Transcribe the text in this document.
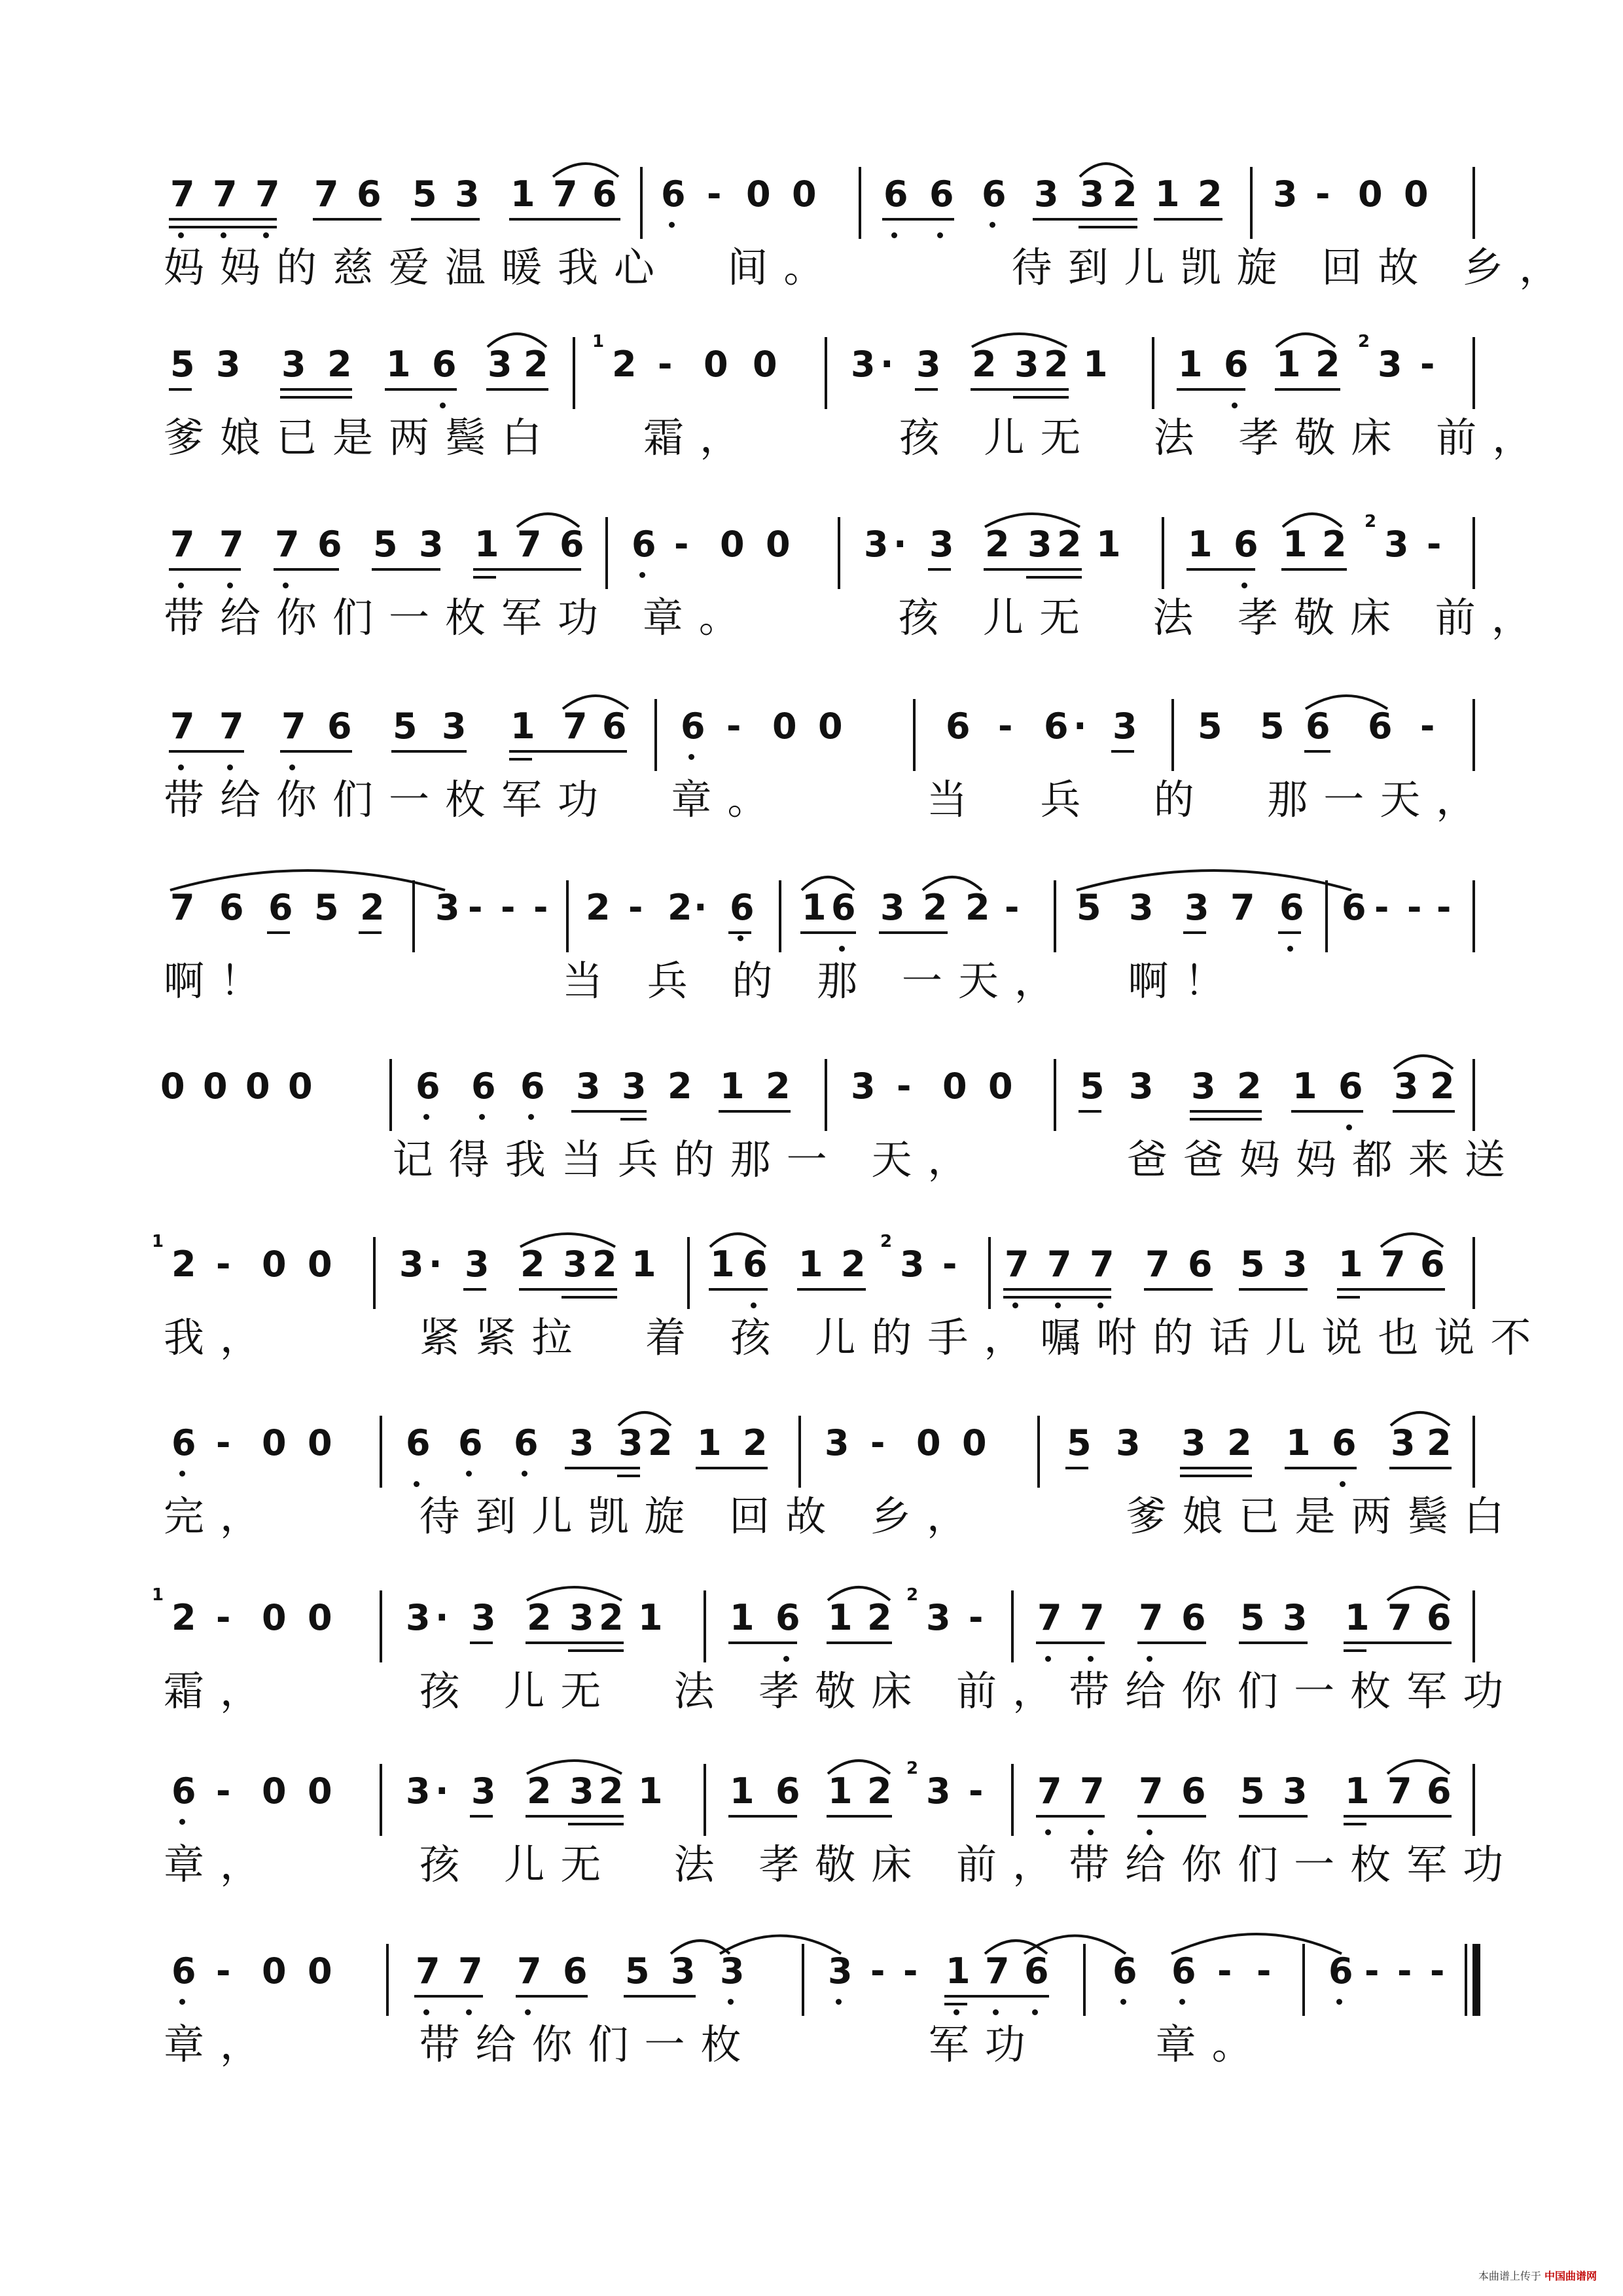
7 7 7 7 6 5 3 1 7 6 6 - 0 0 6 6 6 3 3 2 1 2 3 - 0 0
妈妈的慈爱温暖我心  间。      待到儿凯旋 回故 乡，
5 3 3 2 1 6 3 2
1
2 - 0 0 3 · 3 2 3 2 1 1 6 1 2
2
3 -
爹娘已是两鬓白   霜，     孩 儿无  法 孝敬床 前，
7 7 7 6 5 3 1 7 6 6 - 0 0 3 · 3 2 3 2 1 1 6 1 2
2
3 -
带给你们一枚军功 章。     孩 儿无  法 孝敬床 前，
7 7 7 6 5 3 1 7 6 6 - 0 0	6 - 6 · 3 5 5 6 6 -
带给你们一枚军功  章。     当  兵  的  那一天，
7 6 6 5 2 3 - - - 2 - 2 · 6 1 6 3 2 2 - 5 3 3 7 6 6 - - -
啊！          当 兵 的 那 一天，  啊！
0 0 0 0	6 6 6 3 3 2 1 2 3 - 0 0 5 3 3 2 1 6 3 2
记得我当兵的那一 天，     爸爸妈妈都来送
1
2 - 0 0 3 · 3 2 3 2 1 1 6 1 2
2
3 - 7 7 7 7 6 5 3 1 7 6
我，     紧紧拉  着 孩 儿的手，嘱咐的话儿说也说不
6 - 0 0 6 6 6 3 3 2 1 2 3 - 0 0 5 3 3 2 1 6 3 2
完，     待到儿凯旋 回故 乡，     爹娘已是两鬓白
1
2 - 0 0 3 · 3 2 3 2 1 1 6 1 2
2
3 - 7 7 7 6 5 3 1 7 6
霜，     孩 儿无  法 孝敬床 前，带给你们一枚军功
6 - 0 0 3 · 3 2 3 2 1 1 6 1 2
2
3 - 7 7 7 6 5 3 1 7 6
章，     孩 儿无  法 孝敬床 前，带给你们一枚军功
6 - 0 0 7 7 7 6 5 3 3 3 - - 1 7 6 6 6 - - 6 - - -
章，     带给你们一枚      军功    章。
本曲谱上传于 中国曲谱网
